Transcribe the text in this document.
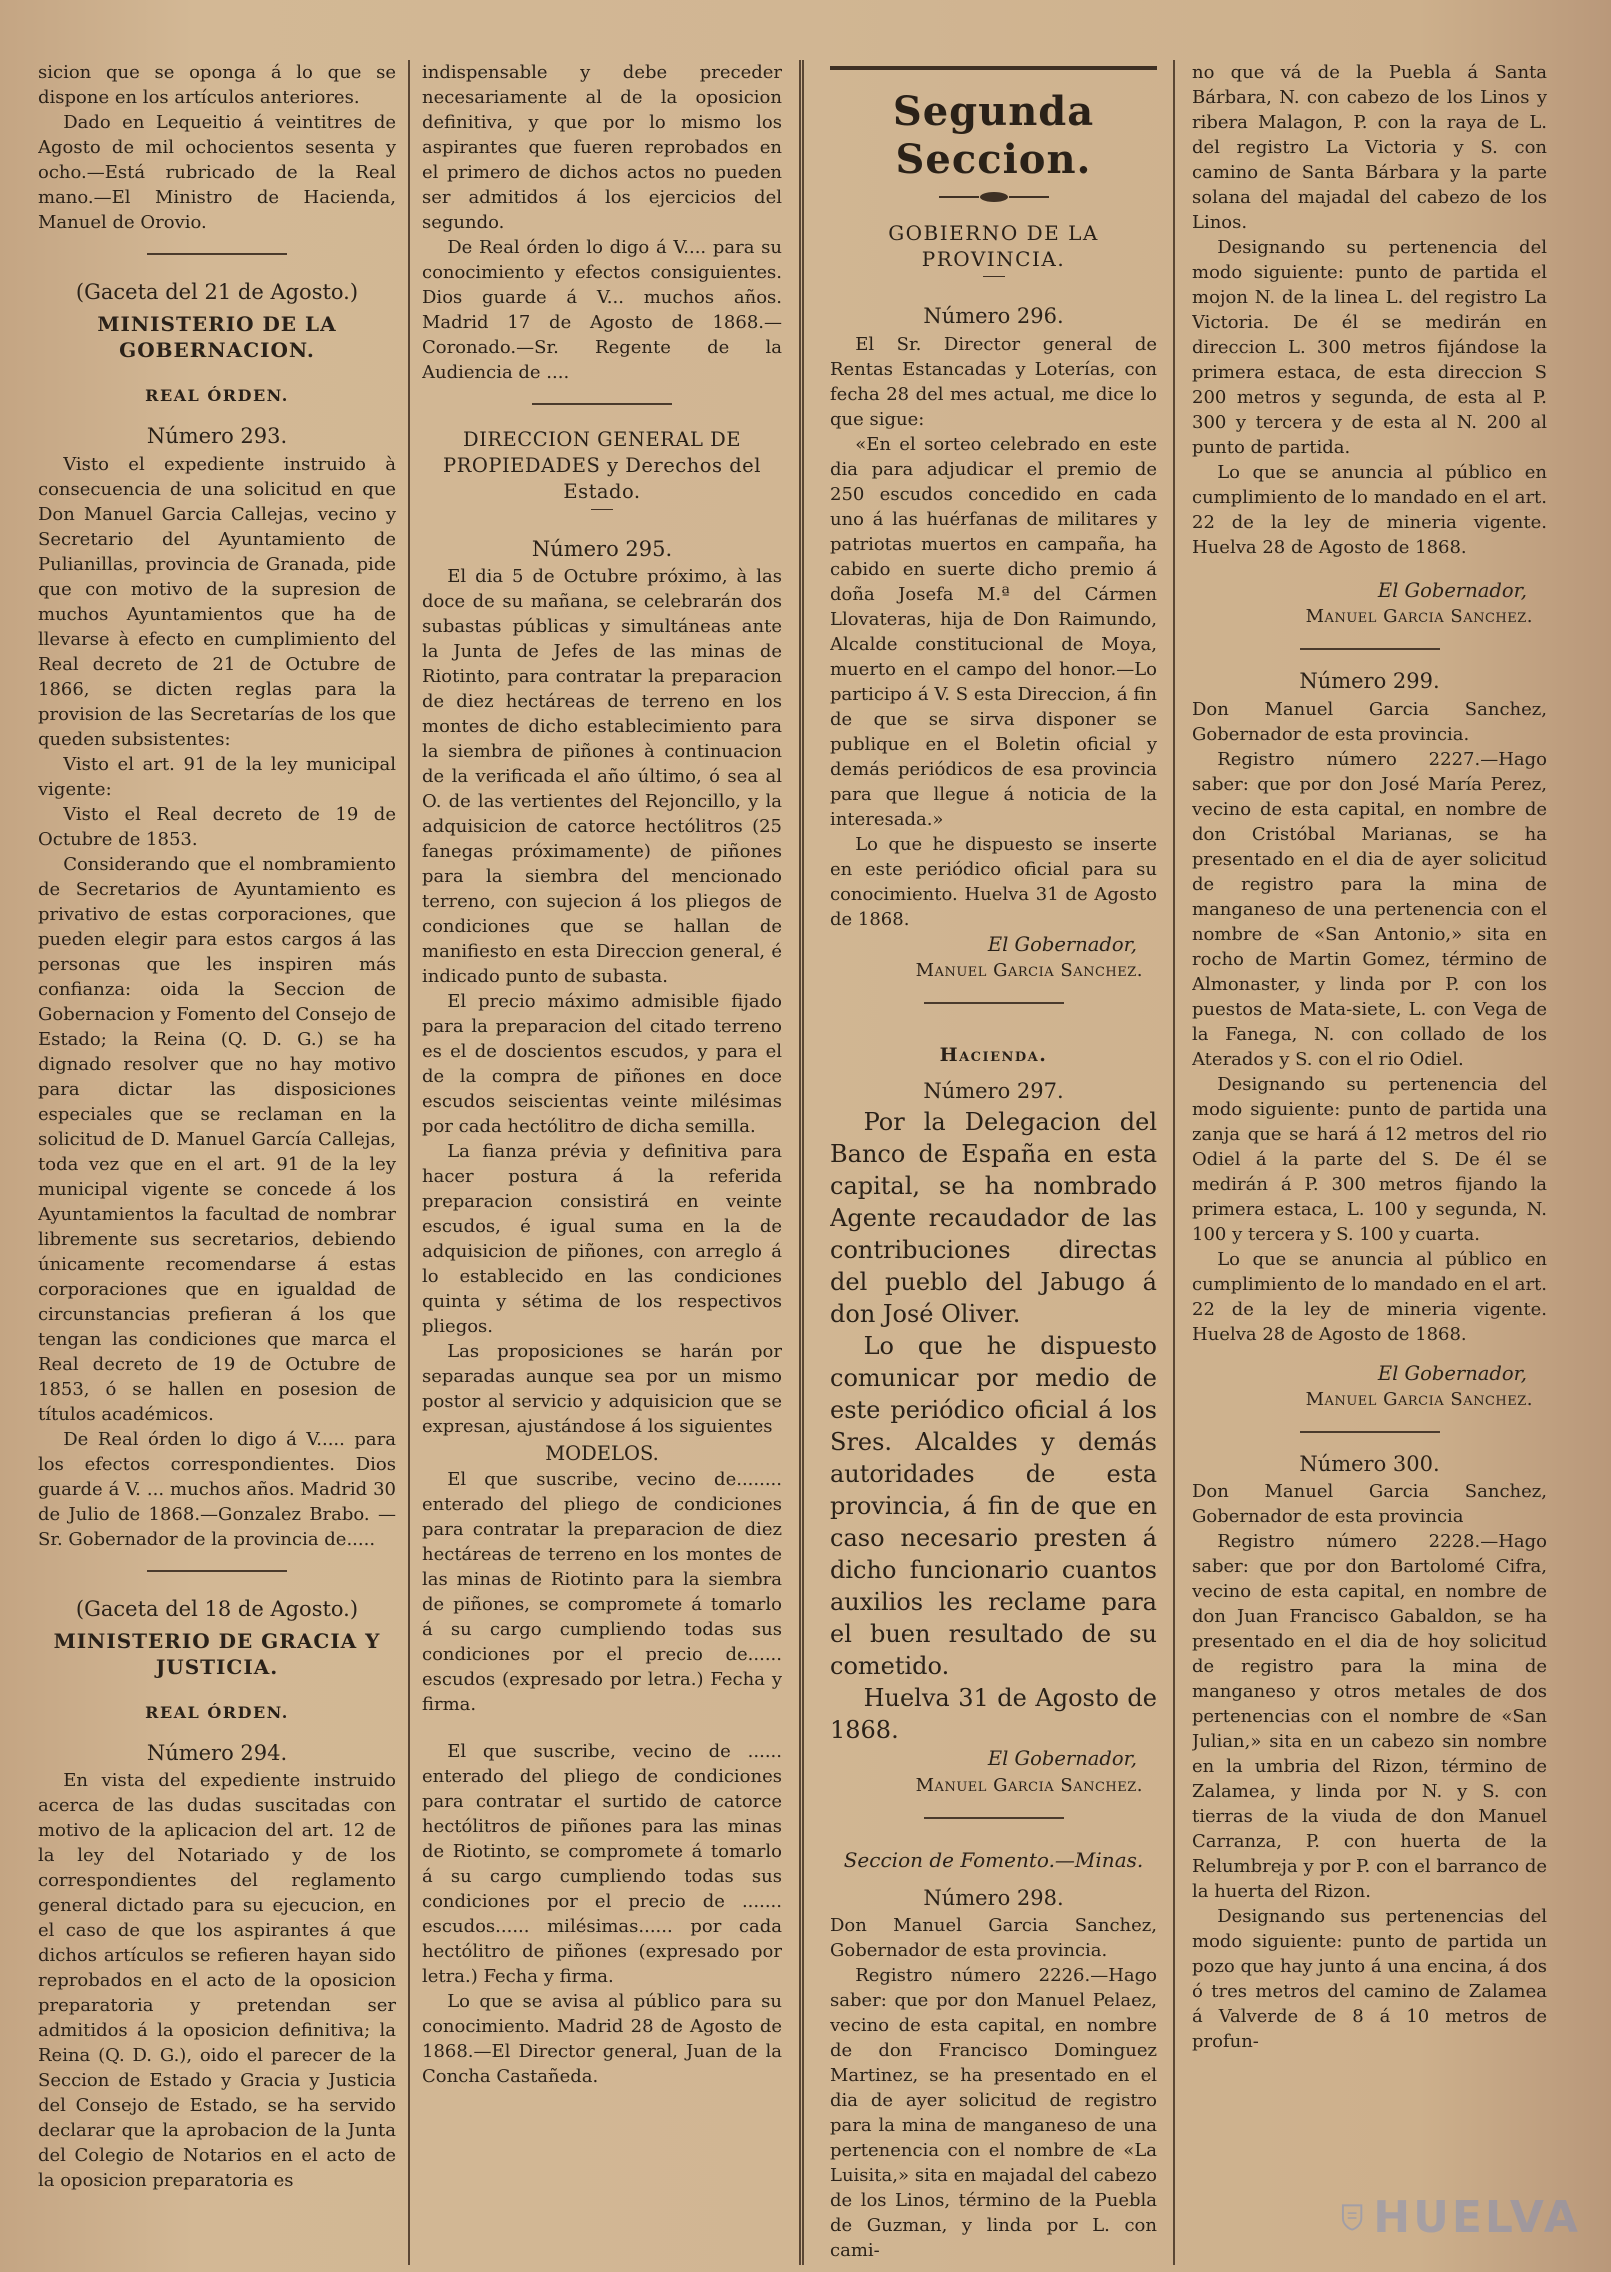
sicion que se oponga á lo que se dispone en los artículos anteriores.

Dado en Lequeitio á veintitres de Agosto de mil ochocientos sesenta y ocho.—Está rubricado de la Real mano.—El Ministro de Hacienda, Manuel de Orovio.

(Gaceta del 21 de Agosto.)

MINISTERIO DE LA GOBERNACION.

REAL ÓRDEN.

Número 293.

Visto el expediente instruido à consecuencia de una solicitud en que Don Manuel Garcia Callejas, vecino y Secretario del Ayuntamiento de Pulianillas, provincia de Granada, pide que con motivo de la supresion de muchos Ayuntamientos que ha de llevarse à efecto en cumplimiento del Real decreto de 21 de Octubre de 1866, se dicten reglas para la provision de las Secretarías de los que queden subsistentes:

Visto el art. 91 de la ley municipal vigente:

Visto el Real decreto de 19 de Octubre de 1853.

Considerando que el nombramiento de Secretarios de Ayuntamiento es privativo de estas corporaciones, que pueden elegir para estos cargos á las personas que les inspiren más confianza: oida la Seccion de Gobernacion y Fomento del Consejo de Estado; la Reina (Q. D. G.) se ha dignado resolver que no hay motivo para dictar las disposiciones especiales que se reclaman en la solicitud de D. Manuel García Callejas, toda vez que en el art. 91 de la ley municipal vigente se concede á los Ayuntamientos la facultad de nombrar libremente sus secretarios, debiendo únicamente recomendarse á estas corporaciones que en igualdad de circunstancias prefieran á los que tengan las condiciones que marca el Real decreto de 19 de Octubre de 1853, ó se hallen en posesion de títulos académicos.

De Real órden lo digo á V..... para los efectos correspondientes. Dios guarde á V. ... muchos años. Madrid 30 de Julio de 1868.—Gonzalez Brabo. —Sr. Gobernador de la provincia de.....

(Gaceta del 18 de Agosto.)

MINISTERIO DE GRACIA Y JUSTICIA.

REAL ÓRDEN.

Número 294.

En vista del expediente instruido acerca de las dudas suscitadas con motivo de la aplicacion del art. 12 de la ley del Notariado y de los correspondientes del reglamento general dictado para su ejecucion, en el caso de que los aspirantes á que dichos artículos se refieren hayan sido reprobados en el acto de la oposicion preparatoria y pretendan ser admitidos á la oposicion definitiva; la Reina (Q. D. G.), oido el parecer de la Seccion de Estado y Gracia y Justicia del Consejo de Estado, se ha servido declarar que la aprobacion de la Junta del Colegio de Notarios en el acto de la oposicion preparatoria es

indispensable y debe preceder necesariamente al de la oposicion definitiva, y que por lo mismo los aspirantes que fueren reprobados en el primero de dichos actos no pueden ser admitidos á los ejercicios del segundo.

De Real órden lo digo á V.... para su conocimiento y efectos consiguientes. Dios guarde á V... muchos años. Madrid 17 de Agosto de 1868.—Coronado.—Sr. Regente de la Audiencia de ....

DIRECCION GENERAL DE PROPIEDADES y Derechos del Estado.

Número 295.

El dia 5 de Octubre próximo, à las doce de su mañana, se celebrarán dos subastas públicas y simultáneas ante la Junta de Jefes de las minas de Riotinto, para contratar la preparacion de diez hectáreas de terreno en los montes de dicho establecimiento para la siembra de piñones à continuacion de la verificada el año último, ó sea al O. de las vertientes del Rejoncillo, y la adquisicion de catorce hectólitros (25 fanegas próximamente) de piñones para la siembra del mencionado terreno, con sujecion á los pliegos de condiciones que se hallan de manifiesto en esta Direccion general, é indicado punto de subasta.

El precio máximo admisible fijado para la preparacion del citado terreno es el de doscientos escudos, y para el de la compra de piñones en doce escudos seiscientas veinte milésimas por cada hectólitro de dicha semilla.

La fianza prévia y definitiva para hacer postura á la referida preparacion consistirá en veinte escudos, é igual suma en la de adquisicion de piñones, con arreglo á lo establecido en las condiciones quinta y sétima de los respectivos pliegos.

Las proposiciones se harán por separadas aunque sea por un mismo postor al servicio y adquisicion que se expresan, ajustándose á los siguientes

MODELOS.

El que suscribe, vecino de........ enterado del pliego de condiciones para contratar la preparacion de diez hectáreas de terreno en los montes de las minas de Riotinto para la siembra de piñones, se compromete á tomarlo á su cargo cumpliendo todas sus condiciones por el precio de...... escudos (expresado por letra.) Fecha y firma.

El que suscribe, vecino de ...... enterado del pliego de condiciones para contratar el surtido de catorce hectólitros de piñones para las minas de Riotinto, se compromete á tomarlo á su cargo cumpliendo todas sus condiciones por el precio de ....... escudos...... milésimas...... por cada hectólitro de piñones (expresado por letra.) Fecha y firma.

Lo que se avisa al público para su conocimiento. Madrid 28 de Agosto de 1868.—El Director general, Juan de la Concha Castañeda.

Segunda Seccion.

GOBIERNO DE LA PROVINCIA.

Número 296.

El Sr. Director general de Rentas Estancadas y Loterías, con fecha 28 del mes actual, me dice lo que sigue:

«En el sorteo celebrado en este dia para adjudicar el premio de 250 escudos concedido en cada uno á las huérfanas de militares y patriotas muertos en campaña, ha cabido en suerte dicho premio á doña Josefa M.ª del Cármen Llovateras, hija de Don Raimundo, Alcalde constitucional de Moya, muerto en el campo del honor.—Lo participo á V. S esta Direccion, á fin de que se sirva disponer se publique en el Boletin oficial y demás periódicos de esa provincia para que llegue á noticia de la interesada.»

Lo que he dispuesto se inserte en este periódico oficial para su conocimiento. Huelva 31 de Agosto de 1868.

El Gobernador,

Manuel Garcia Sanchez.

Hacienda.

Número 297.

Por la Delegacion del Banco de España en esta capital, se ha nombrado Agente recaudador de las contribuciones directas del pueblo del Jabugo á don José Oliver.

Lo que he dispuesto comunicar por medio de este periódico oficial á los Sres. Alcaldes y demás autoridades de esta provincia, á fin de que en caso necesario presten á dicho funcionario cuantos auxilios les reclame para el buen resultado de su cometido.

Huelva 31 de Agosto de 1868.

El Gobernador,

Manuel Garcia Sanchez.

Seccion de Fomento.—Minas.

Número 298.

Don Manuel Garcia Sanchez, Gobernador de esta provincia.

Registro número 2226.—Hago saber: que por don Manuel Pelaez, vecino de esta capital, en nombre de don Francisco Dominguez Martinez, se ha presentado en el dia de ayer solicitud de registro para la mina de manganeso de una pertenencia con el nombre de «La Luisita,» sita en majadal del cabezo de los Linos, término de la Puebla de Guzman, y linda por L. con cami-

no que vá de la Puebla á Santa Bárbara, N. con cabezo de los Linos y ribera Malagon, P. con la raya de L. del registro La Victoria y S. con camino de Santa Bárbara y la parte solana del majadal del cabezo de los Linos.

Designando su pertenencia del modo siguiente: punto de partida el mojon N. de la linea L. del registro La Victoria. De él se medirán en direccion L. 300 metros fijándose la primera estaca, de esta direccion S 200 metros y segunda, de esta al P. 300 y tercera y de esta al N. 200 al punto de partida.

Lo que se anuncia al público en cumplimiento de lo mandado en el art. 22 de la ley de mineria vigente. Huelva 28 de Agosto de 1868.

El Gobernador,

Manuel Garcia Sanchez.

Número 299.

Don Manuel Garcia Sanchez, Gobernador de esta provincia.

Registro número 2227.—Hago saber: que por don José María Perez, vecino de esta capital, en nombre de don Cristóbal Marianas, se ha presentado en el dia de ayer solicitud de registro para la mina de manganeso de una pertenencia con el nombre de «San Antonio,» sita en rocho de Martin Gomez, término de Almonaster, y linda por P. con los puestos de Mata-siete, L. con Vega de la Fanega, N. con collado de los Aterados y S. con el rio Odiel.

Designando su pertenencia del modo siguiente: punto de partida una zanja que se hará á 12 metros del rio Odiel á la parte del S. De él se medirán á P. 300 metros fijando la primera estaca, L. 100 y segunda, N. 100 y tercera y S. 100 y cuarta.

Lo que se anuncia al público en cumplimiento de lo mandado en el art. 22 de la ley de mineria vigente. Huelva 28 de Agosto de 1868.

El Gobernador,

Manuel Garcia Sanchez.

Número 300.

Don Manuel Garcia Sanchez, Gobernador de esta provincia

Registro número 2228.—Hago saber: que por don Bartolomé Cifra, vecino de esta capital, en nombre de don Juan Francisco Gabaldon, se ha presentado en el dia de hoy solicitud de registro para la mina de manganeso y otros metales de dos pertenencias con el nombre de «San Julian,» sita en un cabezo sin nombre en la umbria del Rizon, término de Zalamea, y linda por N. y S. con tierras de la viuda de don Manuel Carranza, P. con huerta de la Relumbreja y por P. con el barranco de la huerta del Rizon.

Designando sus pertenencias del modo siguiente: punto de partida un pozo que hay junto á una encina, á dos ó tres metros del camino de Zalamea á Valverde de 8 á 10 metros de profun-

HUELVA
